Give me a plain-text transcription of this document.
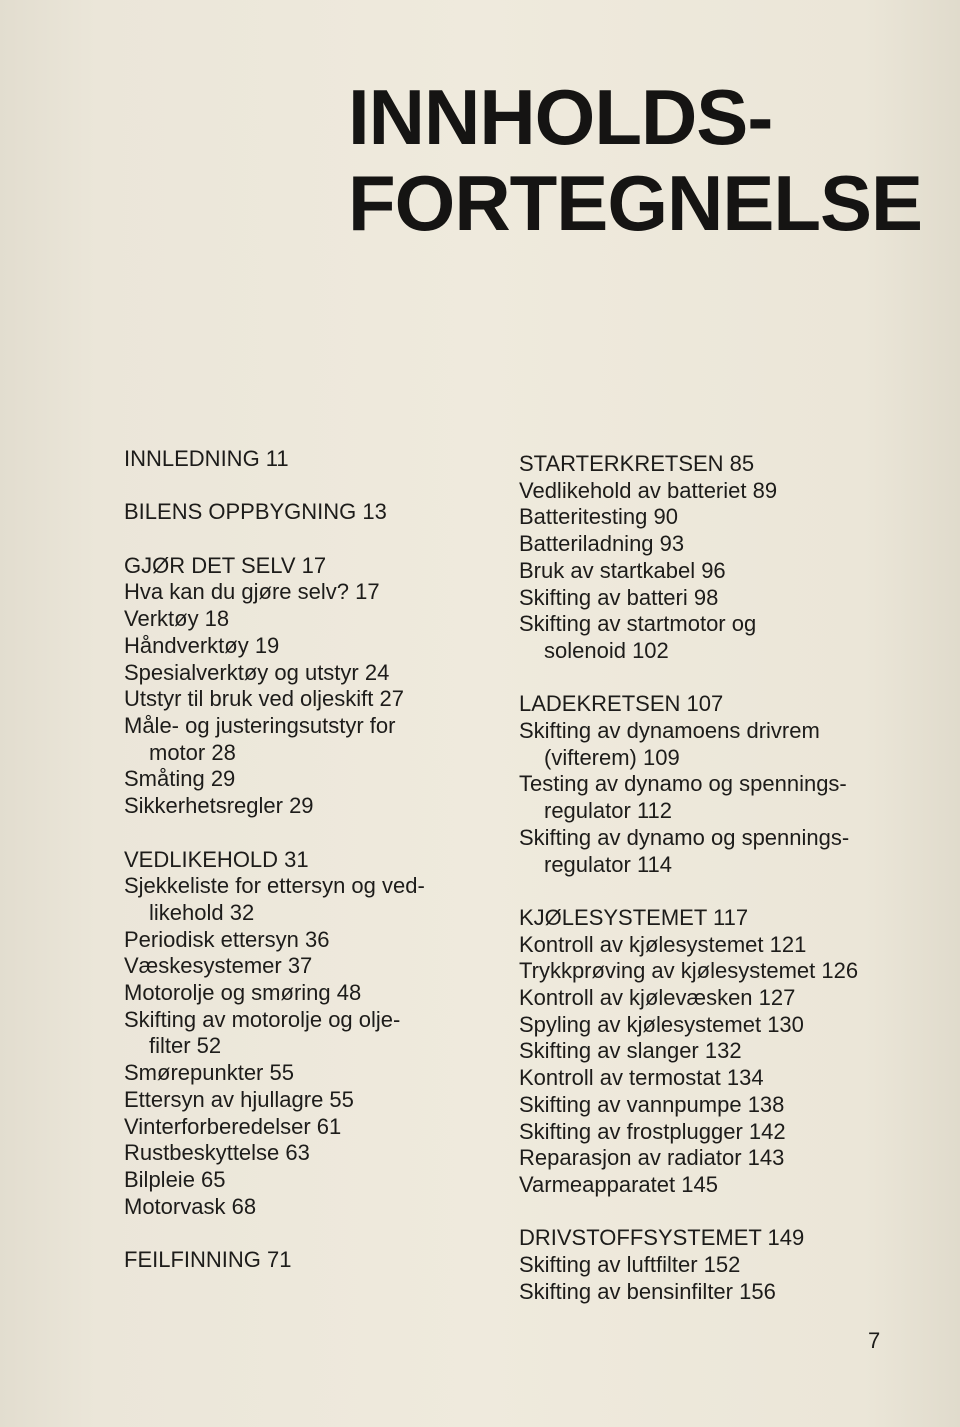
INNHOLDS-
FORTEGNELSE
INNLEDNING 11
BILENS OPPBYGNING 13
GJØR DET SELV 17
Hva kan du gjøre selv? 17
Verktøy 18
Håndverktøy 19
Spesialverktøy og utstyr 24
Utstyr til bruk ved oljeskift 27
Måle- og justeringsutstyr for
motor 28
Småting 29
Sikkerhetsregler 29
VEDLIKEHOLD 31
Sjekkeliste for ettersyn og ved-
likehold 32
Periodisk ettersyn 36
Væskesystemer 37
Motorolje og smøring 48
Skifting av motorolje og olje-
filter 52
Smørepunkter 55
Ettersyn av hjullagre 55
Vinterforberedelser 61
Rustbeskyttelse 63
Bilpleie 65
Motorvask 68
FEILFINNING 71
STARTERKRETSEN 85
Vedlikehold av batteriet 89
Batteritesting 90
Batteriladning 93
Bruk av startkabel 96
Skifting av batteri 98
Skifting av startmotor og
solenoid 102
LADEKRETSEN 107
Skifting av dynamoens drivrem
(vifterem) 109
Testing av dynamo og spennings-
regulator 112
Skifting av dynamo og spennings-
regulator 114
KJØLESYSTEMET 117
Kontroll av kjølesystemet 121
Trykkprøving av kjølesystemet 126
Kontroll av kjølevæsken 127
Spyling av kjølesystemet 130
Skifting av slanger 132
Kontroll av termostat 134
Skifting av vannpumpe 138
Skifting av frostplugger 142
Reparasjon av radiator 143
Varmeapparatet 145
DRIVSTOFFSYSTEMET 149
Skifting av luftfilter 152
Skifting av bensinfilter 156
7
